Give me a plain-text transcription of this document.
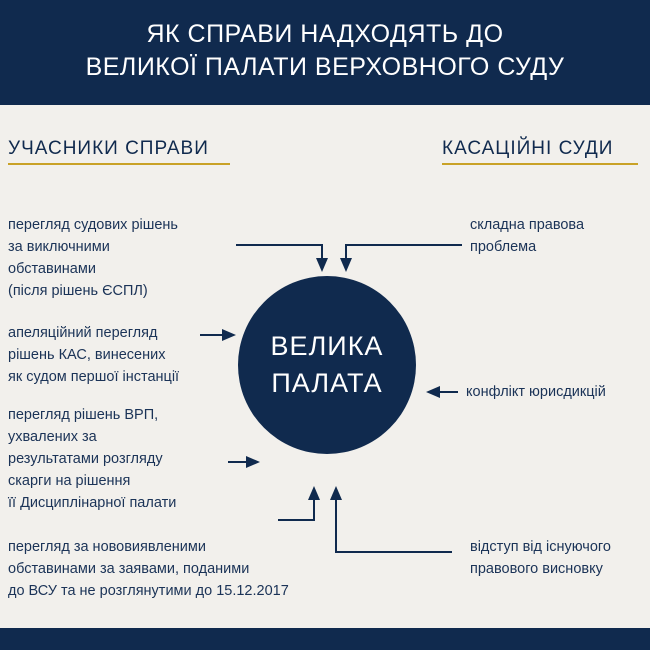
ЯК СПРАВИ НАДХОДЯТЬ ДО
ВЕЛИКОЇ ПАЛАТИ ВЕРХОВНОГО СУДУ
УЧАСНИКИ СПРАВИ	КАСАЦІЙНІ СУДИ
ВЕЛИКА
ПАЛАТА
перегляд судових рішень
за виключними
обставинами
(після рішень ЄСПЛ)
апеляційний перегляд
рішень КАС, винесених
як судом першої інстанції
перегляд рішень ВРП,
ухвалених за
результатами розгляду
скарги на рішення
її Дисциплінарної палати
перегляд за нововиявленими
обставинами за заявами, поданими
до ВСУ та не розглянутими до 15.12.2017
складна правова
проблема
конфлікт юрисдикцій
відступ від існуючого
правового висновку
